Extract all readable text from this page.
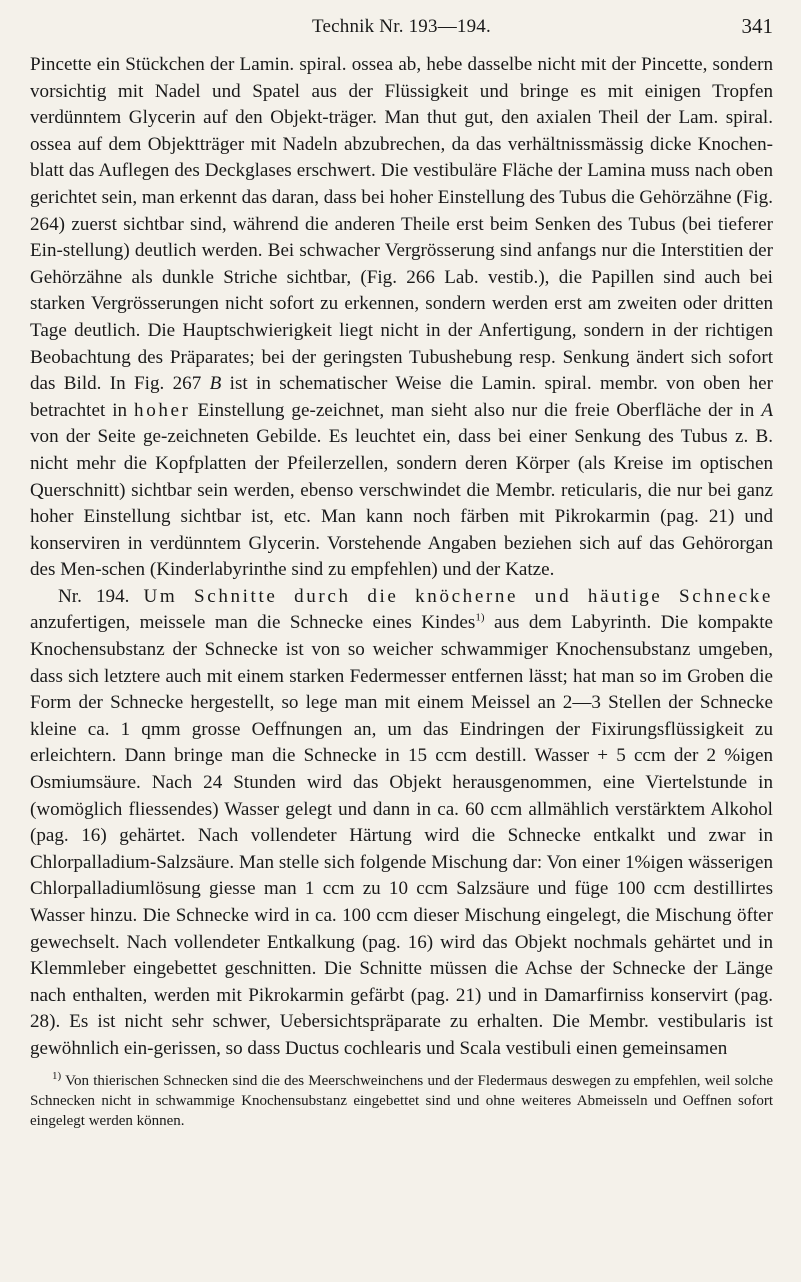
Technik Nr. 193—194.	341

Pincette ein Stückchen der Lamin. spiral. ossea ab, hebe dasselbe nicht mit der Pincette, sondern vorsichtig mit Nadel und Spatel aus der Flüssigkeit und bringe es mit einigen Tropfen verdünntem Glycerin auf den Objekt-träger. Man thut gut, den axialen Theil der Lam. spiral. ossea auf dem Objektträger mit Nadeln abzubrechen, da das verhältnissmässig dicke Knochen-blatt das Auflegen des Deckglases erschwert. Die vestibuläre Fläche der Lamina muss nach oben gerichtet sein, man erkennt das daran, dass bei hoher Einstellung des Tubus die Gehörzähne (Fig. 264) zuerst sichtbar sind, während die anderen Theile erst beim Senken des Tubus (bei tieferer Ein-stellung) deutlich werden. Bei schwacher Vergrösserung sind anfangs nur die Interstitien der Gehörzähne als dunkle Striche sichtbar, (Fig. 266 Lab. vestib.), die Papillen sind auch bei starken Vergrösserungen nicht sofort zu erkennen, sondern werden erst am zweiten oder dritten Tage deutlich. Die Hauptschwierigkeit liegt nicht in der Anfertigung, sondern in der richtigen Beobachtung des Präparates; bei der geringsten Tubushebung resp. Senkung ändert sich sofort das Bild. In Fig. 267 B ist in schematischer Weise die Lamin. spiral. membr. von oben her betrachtet in hoher Einstellung ge-zeichnet, man sieht also nur die freie Oberfläche der in A von der Seite ge-zeichneten Gebilde. Es leuchtet ein, dass bei einer Senkung des Tubus z. B. nicht mehr die Kopfplatten der Pfeilerzellen, sondern deren Körper (als Kreise im optischen Querschnitt) sichtbar sein werden, ebenso verschwindet die Membr. reticularis, die nur bei ganz hoher Einstellung sichtbar ist, etc. Man kann noch färben mit Pikrokarmin (pag. 21) und konserviren in verdünntem Glycerin. Vorstehende Angaben beziehen sich auf das Gehörorgan des Men-schen (Kinderlabyrinthe sind zu empfehlen) und der Katze.

Nr. 194. Um Schnitte durch die knöcherne und häutige Schnecke anzufertigen, meissele man die Schnecke eines Kindes$^{1)}$ aus dem Labyrinth. Die kompakte Knochensubstanz der Schnecke ist von so weicher schwammiger Knochensubstanz umgeben, dass sich letztere auch mit einem starken Federmesser entfernen lässt; hat man so im Groben die Form der Schnecke hergestellt, so lege man mit einem Meissel an 2—3 Stellen der Schnecke kleine ca. 1 qmm grosse Oeffnungen an, um das Eindringen der Fixirungsflüssigkeit zu erleichtern. Dann bringe man die Schnecke in 15 ccm destill. Wasser + 5 ccm der 2 %igen Osmiumsäure. Nach 24 Stunden wird das Objekt herausgenommen, eine Viertelstunde in (womöglich fliessendes) Wasser gelegt und dann in ca. 60 ccm allmählich verstärktem Alkohol (pag. 16) gehärtet. Nach vollendeter Härtung wird die Schnecke entkalkt und zwar in Chlorpalladium-Salzsäure. Man stelle sich folgende Mischung dar: Von einer 1%igen wässerigen Chlorpalladiumlösung giesse man 1 ccm zu 10 ccm Salzsäure und füge 100 ccm destillirtes Wasser hinzu. Die Schnecke wird in ca. 100 ccm dieser Mischung eingelegt, die Mischung öfter gewechselt. Nach vollendeter Entkalkung (pag. 16) wird das Objekt nochmals gehärtet und in Klemmleber eingebettet geschnitten. Die Schnitte müssen die Achse der Schnecke der Länge nach enthalten, werden mit Pikrokarmin gefärbt (pag. 21) und in Damarfirniss konservirt (pag. 28). Es ist nicht sehr schwer, Uebersichtspräparate zu erhalten. Die Membr. vestibularis ist gewöhnlich ein-gerissen, so dass Ductus cochlearis und Scala vestibuli einen gemeinsamen

$^{1)}$ Von thierischen Schnecken sind die des Meerschweinchens und der Fledermaus deswegen zu empfehlen, weil solche Schnecken nicht in schwammige Knochensubstanz eingebettet sind und ohne weiteres Abmeisseln und Oeffnen sofort eingelegt werden können.
